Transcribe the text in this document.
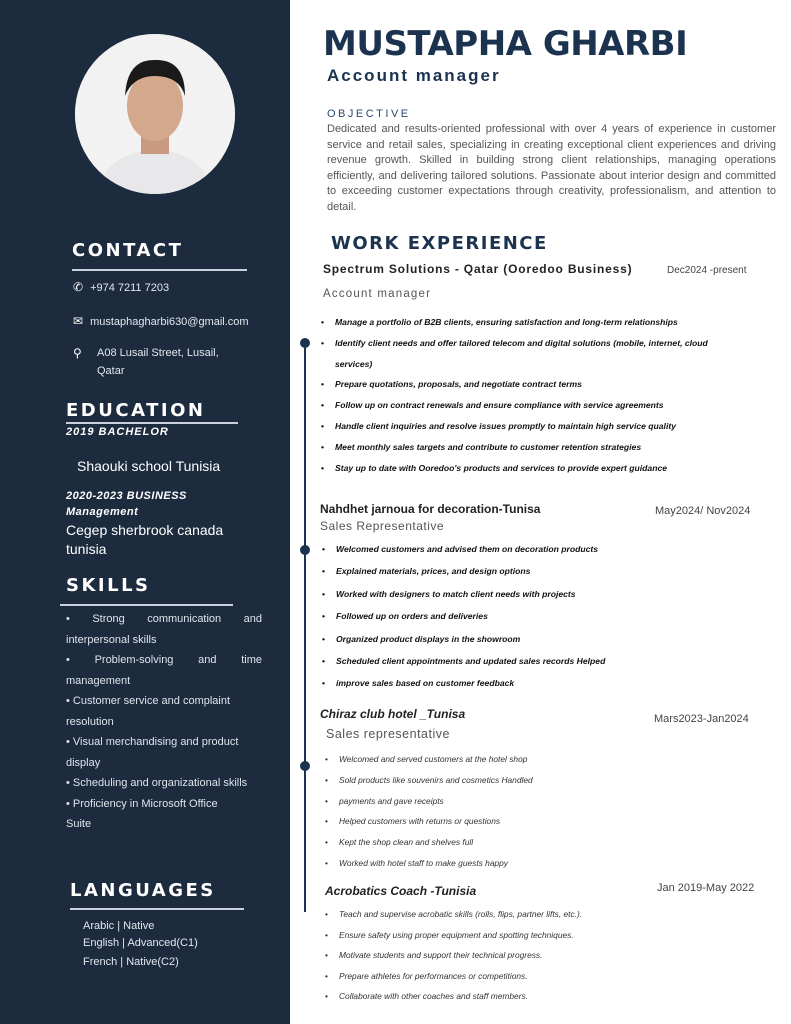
CONTACT
✆ +974 7211 7203
✉ mustaphagharbi630@gmail.com
⚲	A08 Lusail Street, Lusail,
Qatar
EDUCATION
2019 BACHELOR
Shaouki school Tunisia
2020-2023 BUSINESS
Management
Cegep sherbrook canada
tunisia
SKILLS
• Strong communication and interpersonal skills
• Problem-solving and time management
• Customer service and complaint resolution
• Visual merchandising and product display
• Scheduling and organizational skills
• Proficiency in Microsoft Office Suite
LANGUAGES
Arabic | Native
English | Advanced(C1)
French | Native(C2)
MUSTAPHA GHARBI
Account manager
OBJECTIVE
Dedicated and results-oriented professional with over 4 years of experience in customer service and retail sales, specializing in creating exceptional client experiences and driving revenue growth. Skilled in building strong client relationships, managing operations efficiently, and delivering tailored solutions. Passionate about interior design and committed to exceeding customer expectations through creativity, professionalism, and attention to detail.
WORK EXPERIENCE
Spectrum Solutions - Qatar (Ooredoo Business)	Dec2024 -present
Account manager
• Manage a portfolio of B2B clients, ensuring satisfaction and long-term relationships
• Identify client needs and offer tailored telecom and digital solutions (mobile, internet, cloud services)
• Prepare quotations, proposals, and negotiate contract terms
• Follow up on contract renewals and ensure compliance with service agreements
• Handle client inquiries and resolve issues promptly to maintain high service quality
• Meet monthly sales targets and contribute to customer retention strategies
• Stay up to date with Ooredoo's products and services to provide expert guidance
Nahdhet jarnoua for decoration-Tunisa	May2024/ Nov2024
Sales Representative
• Welcomed customers and advised them on decoration products
• Explained materials, prices, and design options
• Worked with designers to match client needs with projects
• Followed up on orders and deliveries
• Organized product displays in the showroom
• Scheduled client appointments and updated sales records Helped
• improve sales based on customer feedback
Chiraz club hotel _Tunisa	Mars2023-Jan2024
Sales representative
• Welcomed and served customers at the hotel shop
• Sold products like souvenirs and cosmetics Handled
• payments and gave receipts
• Helped customers with returns or questions
• Kept the shop clean and shelves full
• Worked with hotel staff to make guests happy
Acrobatics Coach -Tunisia	Jan 2019-May 2022
• Teach and supervise acrobatic skills (rolls, flips, partner lifts, etc.).
• Ensure safety using proper equipment and spotting techniques.
• Motivate students and support their technical progress.
• Prepare athletes for performances or competitions.
• Collaborate with other coaches and staff members.
